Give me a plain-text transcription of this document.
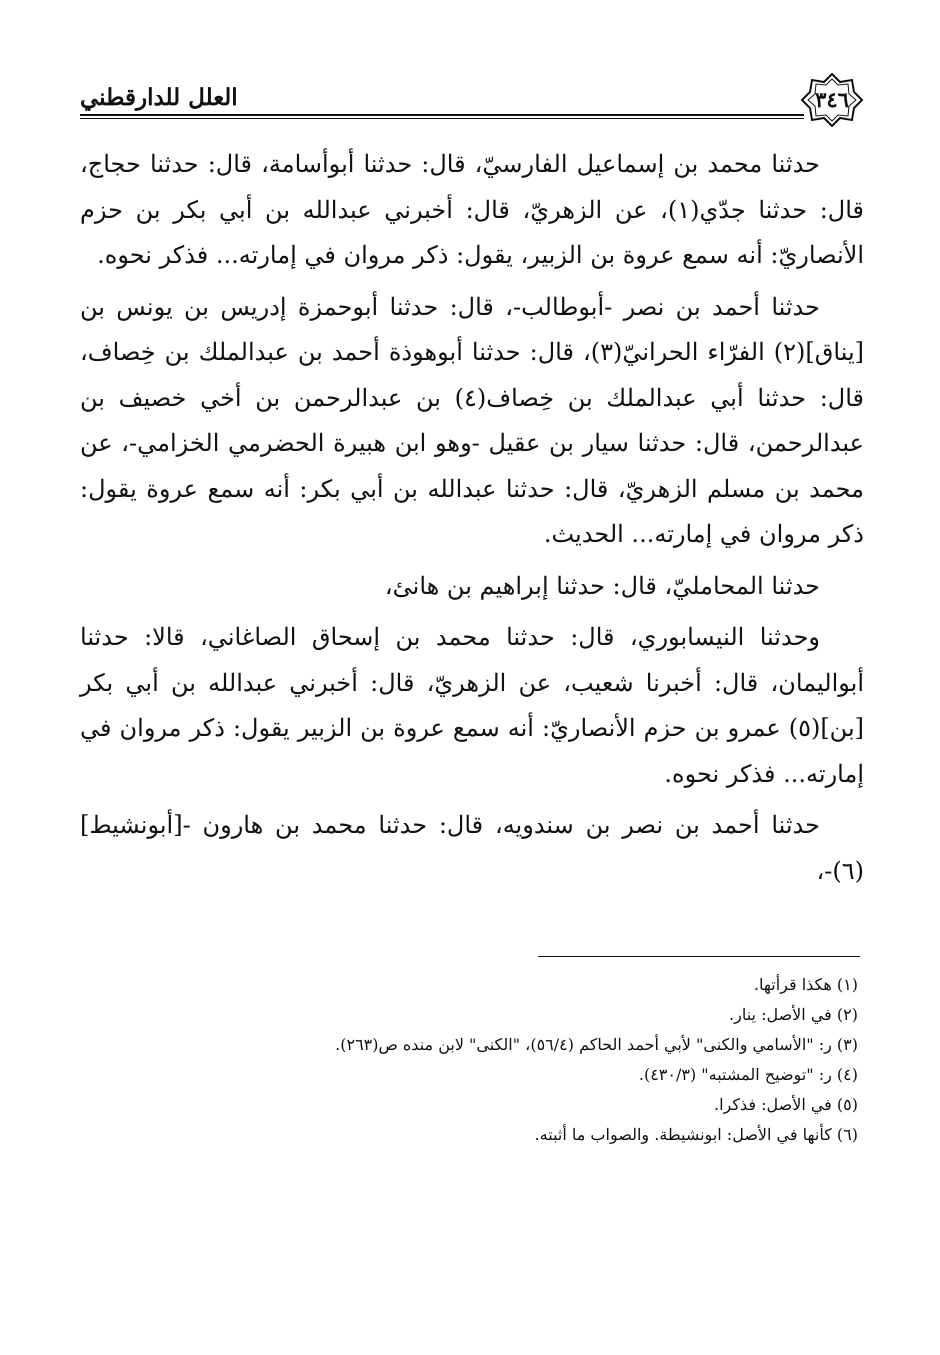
العلل للدارقطني	٣٤٦

حدثنا محمد بن إسماعيل الفارسيّ، قال: حدثنا أبوأسامة، قال: حدثنا حجاج، قال: حدثنا جدّي(١)، عن الزهريّ، قال: أخبرني عبدالله بن أبي بكر بن حزم الأنصاريّ: أنه سمع عروة بن الزبير، يقول: ذكر مروان في إمارته... فذكر نحوه.

حدثنا أحمد بن نصر -أبوطالب-، قال: حدثنا أبوحمزة إدريس بن يونس بن [يناق](٢) الفرّاء الحرانيّ(٣)، قال: حدثنا أبوهوذة أحمد بن عبدالملك بن خِصاف، قال: حدثنا أبي عبدالملك بن خِصاف(٤) بن عبدالرحمن بن أخي خصيف بن عبدالرحمن، قال: حدثنا سيار بن عقيل -وهو ابن هبيرة الحضرمي الخزامي-، عن محمد بن مسلم الزهريّ، قال: حدثنا عبدالله بن أبي بكر: أنه سمع عروة يقول: ذكر مروان في إمارته... الحديث.

حدثنا المحامليّ، قال: حدثنا إبراهيم بن هانئ،

وحدثنا النيسابوري، قال: حدثنا محمد بن إسحاق الصاغاني، قالا: حدثنا أبواليمان، قال: أخبرنا شعيب، عن الزهريّ، قال: أخبرني عبدالله بن أبي بكر [بن](٥) عمرو بن حزم الأنصاريّ: أنه سمع عروة بن الزبير يقول: ذكر مروان في إمارته... فذكر نحوه.

حدثنا أحمد بن نصر بن سندويه، قال: حدثنا محمد بن هارون -[أبونشيط](٦)-،

(١) هكذا قرأتها.
(٢) في الأصل: ينار.
(٣) ر: "الأسامي والكنى" لأبي أحمد الحاكم (٥٦/٤)، "الكنى" لابن منده ص(٢٦٣).
(٤) ر: "توضيح المشتبه" (٤٣٠/٣).
(٥) في الأصل: فذكرا.
(٦) كأنها في الأصل: ابونشيطة. والصواب ما أثبته.
